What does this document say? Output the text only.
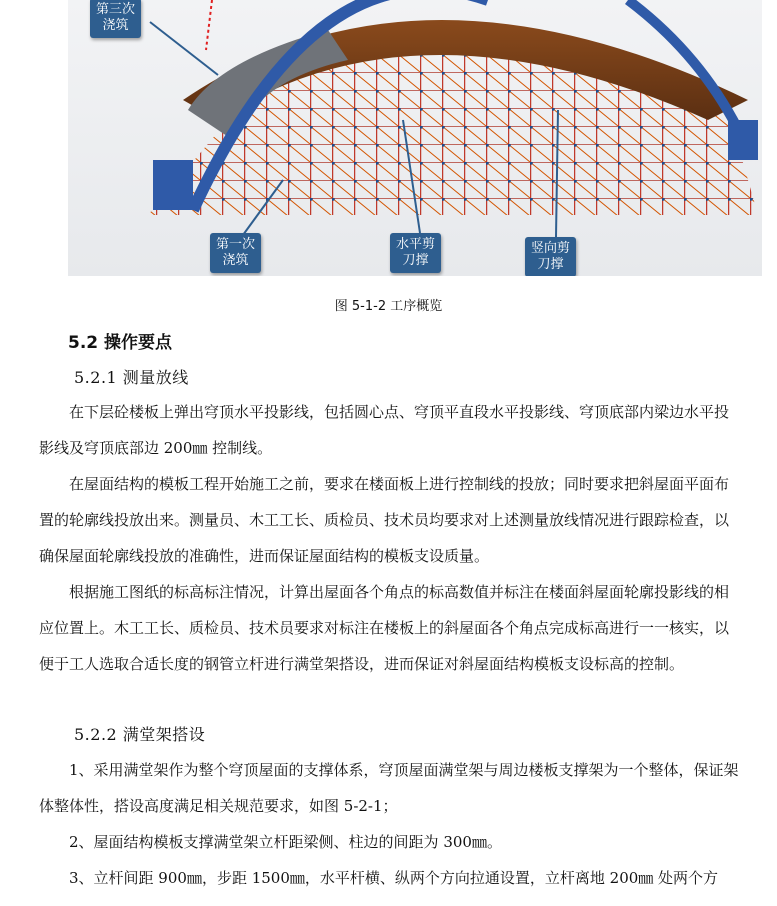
第三次
浇筑
第一次
浇筑
水平剪
刀撑
竖向剪
刀撑
图 5-1-2 工序概览
5.2 操作要点
5.2.1 测量放线

在下层砼楼板上弹出穹顶水平投影线，包括圆心点、穹顶平直段水平投影线、穹顶底部内梁边水平投影线及穹顶底部边 200㎜ 控制线。

在屋面结构的模板工程开始施工之前，要求在楼面板上进行控制线的投放；同时要求把斜屋面平面布置的轮廓线投放出来。测量员、木工工长、质检员、技术员均要求对上述测量放线情况进行跟踪检查，以确保屋面轮廓线投放的准确性，进而保证屋面结构的模板支设质量。

根据施工图纸的标高标注情况，计算出屋面各个角点的标高数值并标注在楼面斜屋面轮廓投影线的相应位置上。木工工长、质检员、技术员要求对标注在楼板上的斜屋面各个角点完成标高进行一一核实，以便于工人选取合适长度的钢管立杆进行满堂架搭设，进而保证对斜屋面结构模板支设标高的控制。

5.2.2 满堂架搭设

1、采用满堂架作为整个穹顶屋面的支撑体系，穹顶屋面满堂架与周边楼板支撑架为一个整体，保证架体整体性，搭设高度满足相关规范要求，如图 5-2-1；

2、屋面结构模板支撑满堂架立杆距梁侧、柱边的间距为 300㎜。

3、立杆间距 900㎜，步距 1500㎜，水平杆横、纵两个方向拉通设置，立杆离地 200㎜ 处两个方
